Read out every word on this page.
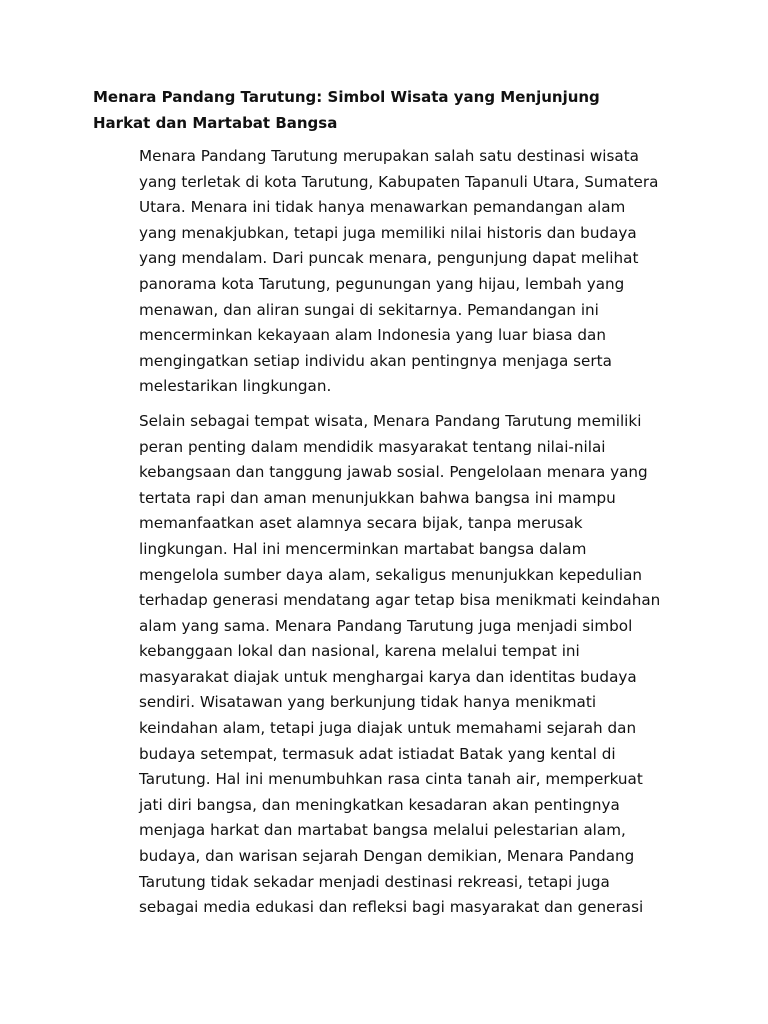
Menara Pandang Tarutung: Simbol Wisata yang Menjunjung
Harkat dan Martabat Bangsa

Menara Pandang Tarutung merupakan salah satu destinasi wisata
yang terletak di kota Tarutung, Kabupaten Tapanuli Utara, Sumatera
Utara. Menara ini tidak hanya menawarkan pemandangan alam
yang menakjubkan, tetapi juga memiliki nilai historis dan budaya
yang mendalam. Dari puncak menara, pengunjung dapat melihat
panorama kota Tarutung, pegunungan yang hijau, lembah yang
menawan, dan aliran sungai di sekitarnya. Pemandangan ini
mencerminkan kekayaan alam Indonesia yang luar biasa dan
mengingatkan setiap individu akan pentingnya menjaga serta
melestarikan lingkungan.

Selain sebagai tempat wisata, Menara Pandang Tarutung memiliki
peran penting dalam mendidik masyarakat tentang nilai-nilai
kebangsaan dan tanggung jawab sosial. Pengelolaan menara yang
tertata rapi dan aman menunjukkan bahwa bangsa ini mampu
memanfaatkan aset alamnya secara bijak, tanpa merusak
lingkungan. Hal ini mencerminkan martabat bangsa dalam
mengelola sumber daya alam, sekaligus menunjukkan kepedulian
terhadap generasi mendatang agar tetap bisa menikmati keindahan
alam yang sama. Menara Pandang Tarutung juga menjadi simbol
kebanggaan lokal dan nasional, karena melalui tempat ini
masyarakat diajak untuk menghargai karya dan identitas budaya
sendiri. Wisatawan yang berkunjung tidak hanya menikmati
keindahan alam, tetapi juga diajak untuk memahami sejarah dan
budaya setempat, termasuk adat istiadat Batak yang kental di
Tarutung. Hal ini menumbuhkan rasa cinta tanah air, memperkuat
jati diri bangsa, dan meningkatkan kesadaran akan pentingnya
menjaga harkat dan martabat bangsa melalui pelestarian alam,
budaya, dan warisan sejarah Dengan demikian, Menara Pandang
Tarutung tidak sekadar menjadi destinasi rekreasi, tetapi juga
sebagai media edukasi dan refleksi bagi masyarakat dan generasi
